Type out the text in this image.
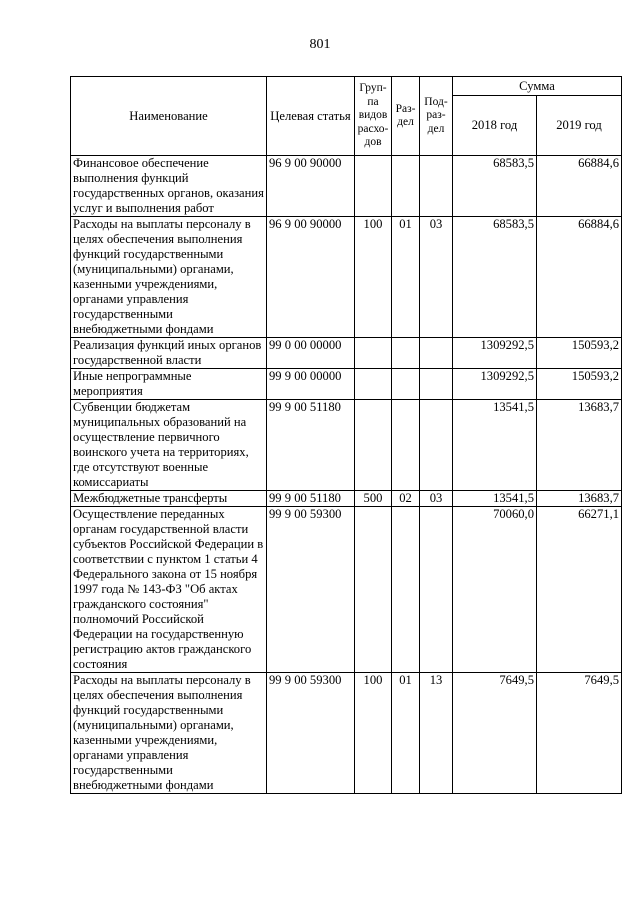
801
Наименование	Целевая статья	Груп-па видов расхо-дов	Раз-дел	Под-раз-дел	Сумма	
					2018 год	2019 год
Финансовое обеспечение выполнения функций государственных органов, оказания услуг и выполнения работ	96 9 00 90000				68583,5	66884,6
Расходы на выплаты персоналу в целях обеспечения выполнения функций государственными (муниципальными) органами, казенными учреждениями, органами управления государственными внебюджетными фондами	96 9 00 90000	100	01	03	68583,5	66884,6
Реализация функций иных органов государственной власти	99 0 00 00000				1309292,5	150593,2
Иные непрограммные мероприятия	99 9 00 00000				1309292,5	150593,2
Субвенции бюджетам муниципальных образований на осуществление первичного воинского учета на территориях, где отсутствуют военные комиссариаты	99 9 00 51180				13541,5	13683,7
Межбюджетные трансферты	99 9 00 51180	500	02	03	13541,5	13683,7
Осуществление переданных органам государственной власти субъектов Российской Федерации в соответствии с пунктом 1 статьи 4 Федерального закона от 15 ноября 1997 года № 143-ФЗ "Об актах гражданского состояния" полномочий Российской Федерации на государственную регистрацию актов гражданского состояния	99 9 00 59300				70060,0	66271,1
Расходы на выплаты персоналу в целях обеспечения выполнения функций государственными (муниципальными) органами, казенными учреждениями, органами управления государственными внебюджетными фондами	99 9 00 59300	100	01	13	7649,5	7649,5
